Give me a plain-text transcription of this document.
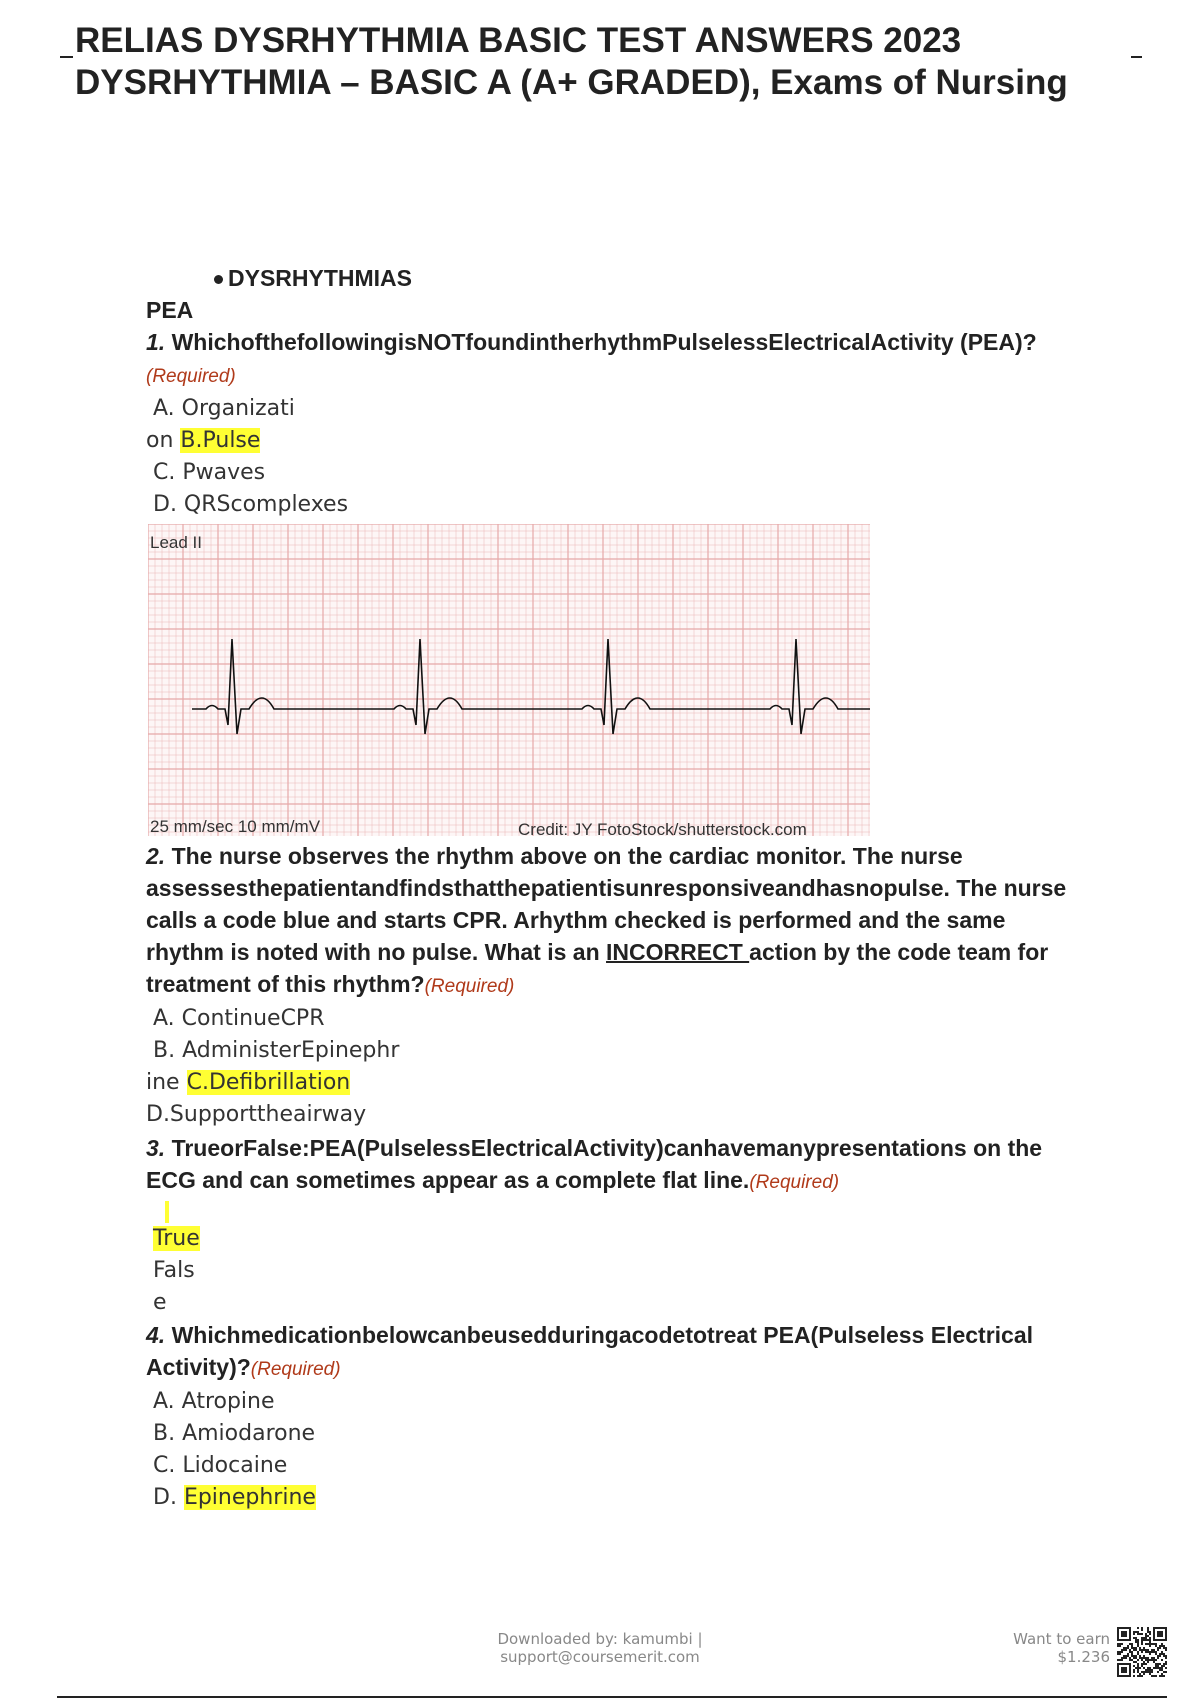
RELIAS DYSRHYTHMIA BASIC TEST ANSWERS 2023
DYSRHYTHMIA – BASIC A (A+ GRADED), Exams of Nursing
DYSRHYTHMIAS
PEA
1. WhichofthefollowingisNOTfoundintherhythmPulselessElectricalActivity (PEA)?(Required)
A. Organizati
on B.Pulse
C. Pwaves
D. QRScomplexes
Lead II
25 mm/sec 10 mm/mV	Credit: JY FotoStock/shutterstock.com
2. The nurse observes the rhythm above on the cardiac monitor. The nurse assessesthepatientandfindsthatthepatientisunresponsiveandhasnopulse. The nurse calls a code blue and starts CPR. Arhythm checked is performed and the same rhythm is noted with no pulse. What is an INCORRECT action by the code team for treatment of this rhythm?(Required)
A. ContinueCPR
B. AdministerEpinephr
ine C.Defibrillation
D.Supporttheairway
3. TrueorFalse:PEA(PulselessElectricalActivity)canhavemanypresentations on the ECG and can sometimes appear as a complete flat line.(Required)
True
Fals
e
4. Whichmedicationbelowcanbeusedduringacodetotreat PEA(Pulseless Electrical Activity)?(Required)
A. Atropine
B. Amiodarone
C. Lidocaine
D. Epinephrine
Downloaded by: kamumbi |
support@coursemerit.com
Want to earn
$1.236
